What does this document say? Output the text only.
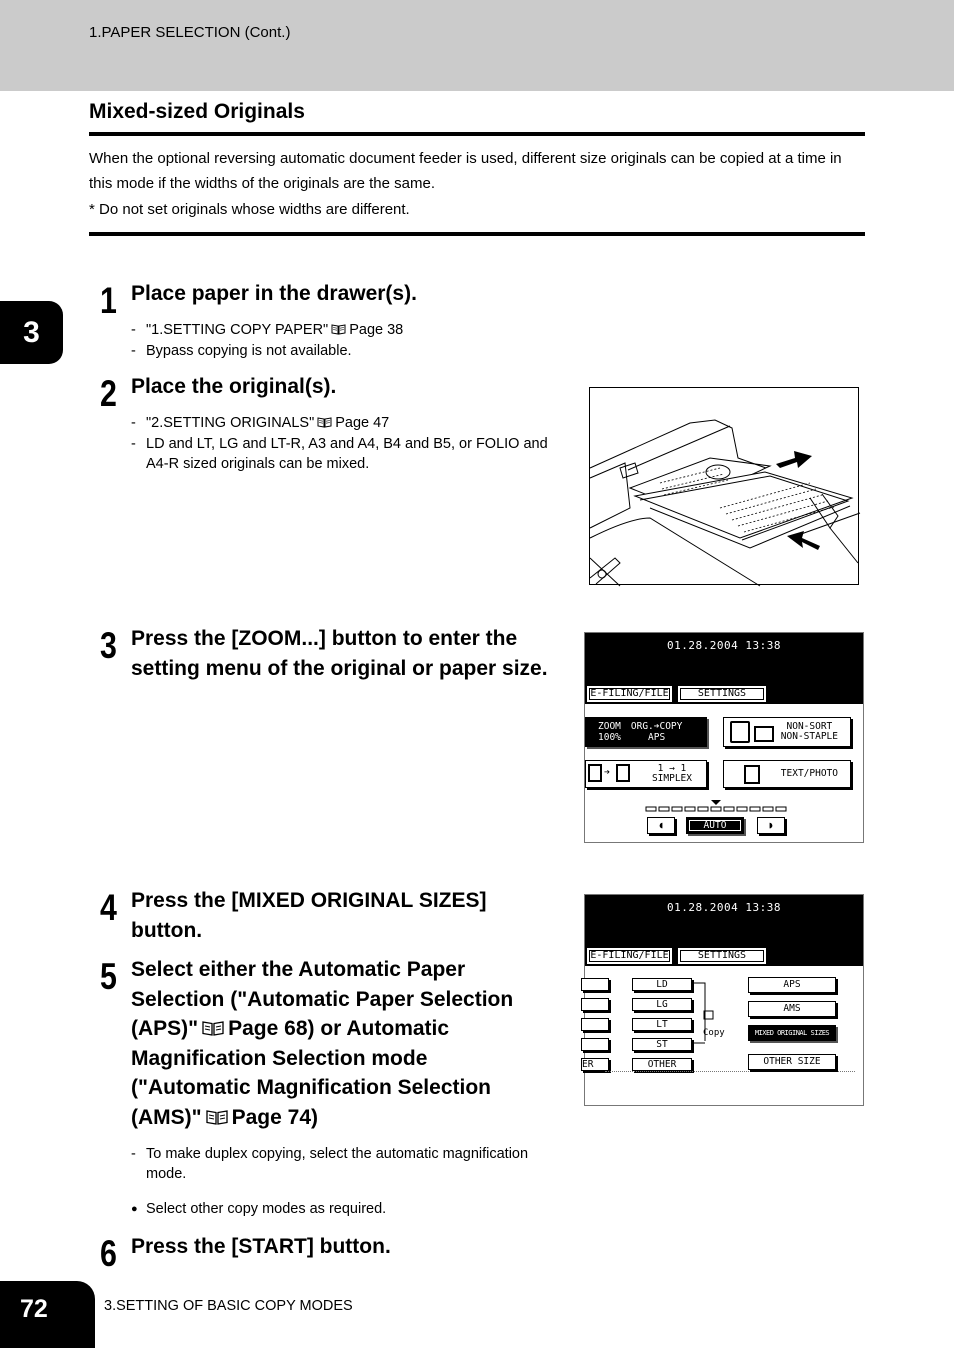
1.PAPER SELECTION (Cont.)
Mixed-sized Originals
When the optional reversing automatic document feeder is used, different size originals can be copied at a time in this mode if the widths of the originals are the same.
* Do not set originals whose widths are different.
3
1 Place paper in the drawer(s).
- "1.SETTING COPY PAPER" Page 38
- Bypass copying is not available.
2 Place the original(s).
- "2.SETTING ORIGINALS" Page 47
- LD and LT, LG and LT-R, A3 and A4, B4 and B5, or FOLIO and A4-R sized originals can be mixed.
3 Press the [ZOOM...] button to enter the setting menu of the original or paper size.
01.28.2004 13:38
E-FILING/FILE	SETTINGS
ZOOM
100%
ORG.➔COPY
APS
NON-SORT
NON-STAPLE
➔	1 → 1
SIMPLEX	TEXT/PHOTO
◖	AUTO	◗
4 Press the [MIXED ORIGINAL SIZES] button.
01.28.2004 13:38
E-FILING/FILE	SETTINGS
ER
LD
LG
LT
ST
OTHER
Copy
APS
AMS
MIXED ORIGINAL SIZES
OTHER SIZE
5 Select either the Automatic Paper
Selection ("Automatic Paper Selection
(APS)" Page 68) or Automatic
Magnification Selection mode
("Automatic Magnification Selection
(AMS)" Page 74)
- To make duplex copying, select the automatic magnification mode.
● Select other copy modes as required.
6 Press the [START] button.
72	3.SETTING OF BASIC COPY MODES
